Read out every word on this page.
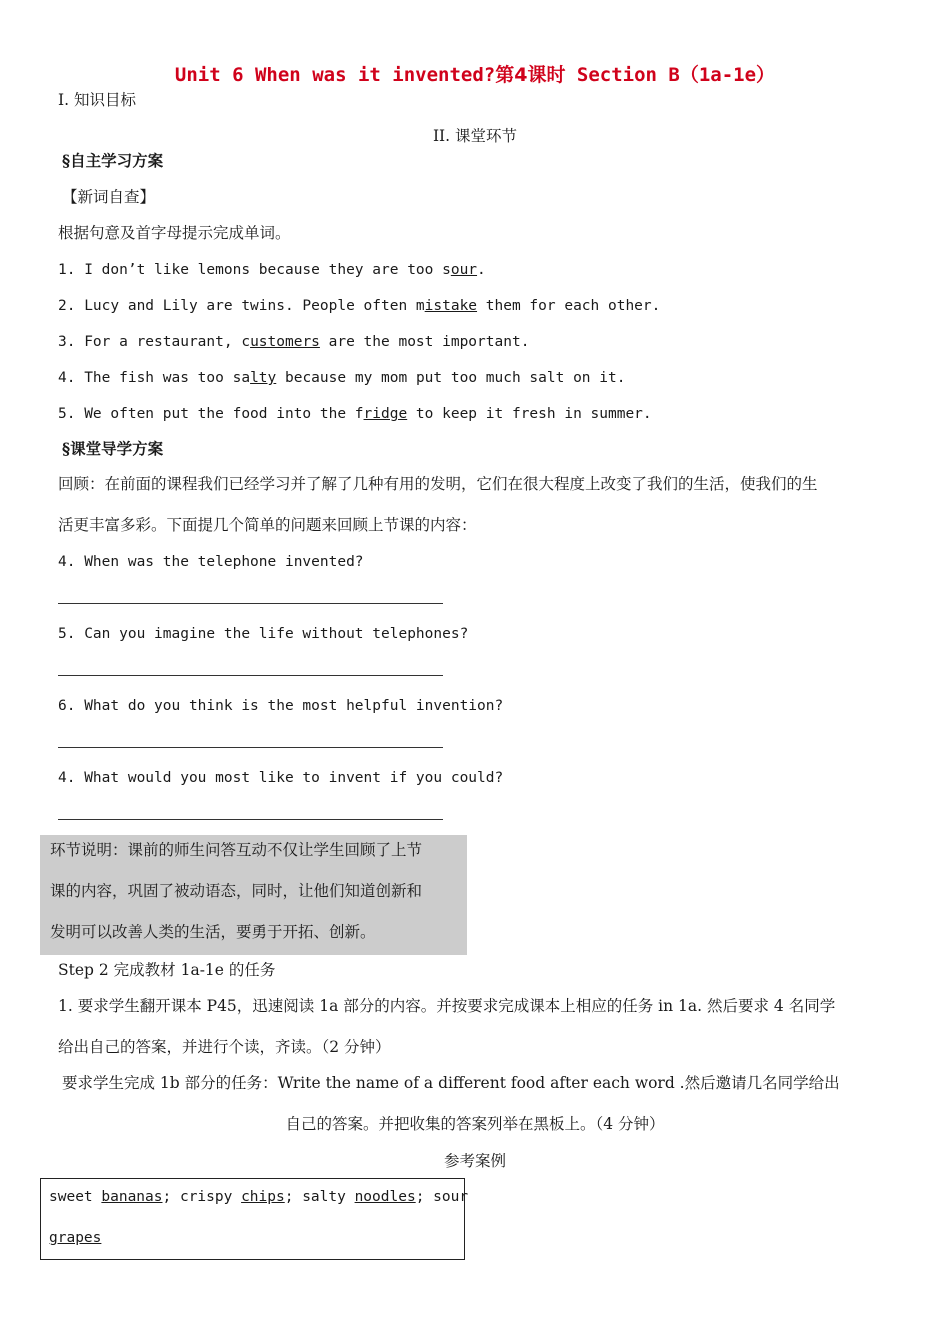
Unit 6 When was it invented?第4课时 Section B（1a-1e）
I. 知识目标
II. 课堂环节
§自主学习方案
【新词自查】
根据句意及首字母提示完成单词。
1. I don’t like lemons because they are too sour.
2. Lucy and Lily are twins. People often mistake them for each other.
3. For a restaurant, customers are the most important.
4. The fish was too salty because my mom put too much salt on it.
5. We often put the food into the fridge to keep it fresh in summer.
§课堂导学方案
回顾：在前面的课程我们已经学习并了解了几种有用的发明，它们在很大程度上改变了我们的生活，使我们的生
活更丰富多彩。下面提几个简单的问题来回顾上节课的内容：
4. When was the telephone invented?
5. Can you imagine the life without telephones?
6. What do you think is the most helpful invention?
4. What would you most like to invent if you could?
环节说明：课前的师生问答互动不仅让学生回顾了上节
课的内容，巩固了被动语态，同时，让他们知道创新和
发明可以改善人类的生活，要勇于开拓、创新。
Step 2 完成教材 1a-1e 的任务
1. 要求学生翻开课本 P45，迅速阅读 1a 部分的内容。并按要求完成课本上相应的任务 in 1a. 然后要求 4 名同学
给出自己的答案，并进行个读，齐读。（2 分钟）
要求学生完成 1b 部分的任务：Write the name of a different food after each word .然后邀请几名同学给出
自己的答案。并把收集的答案列举在黑板上。（4 分钟）
参考案例
sweet bananas; crispy chips; salty noodles; sour
grapes
